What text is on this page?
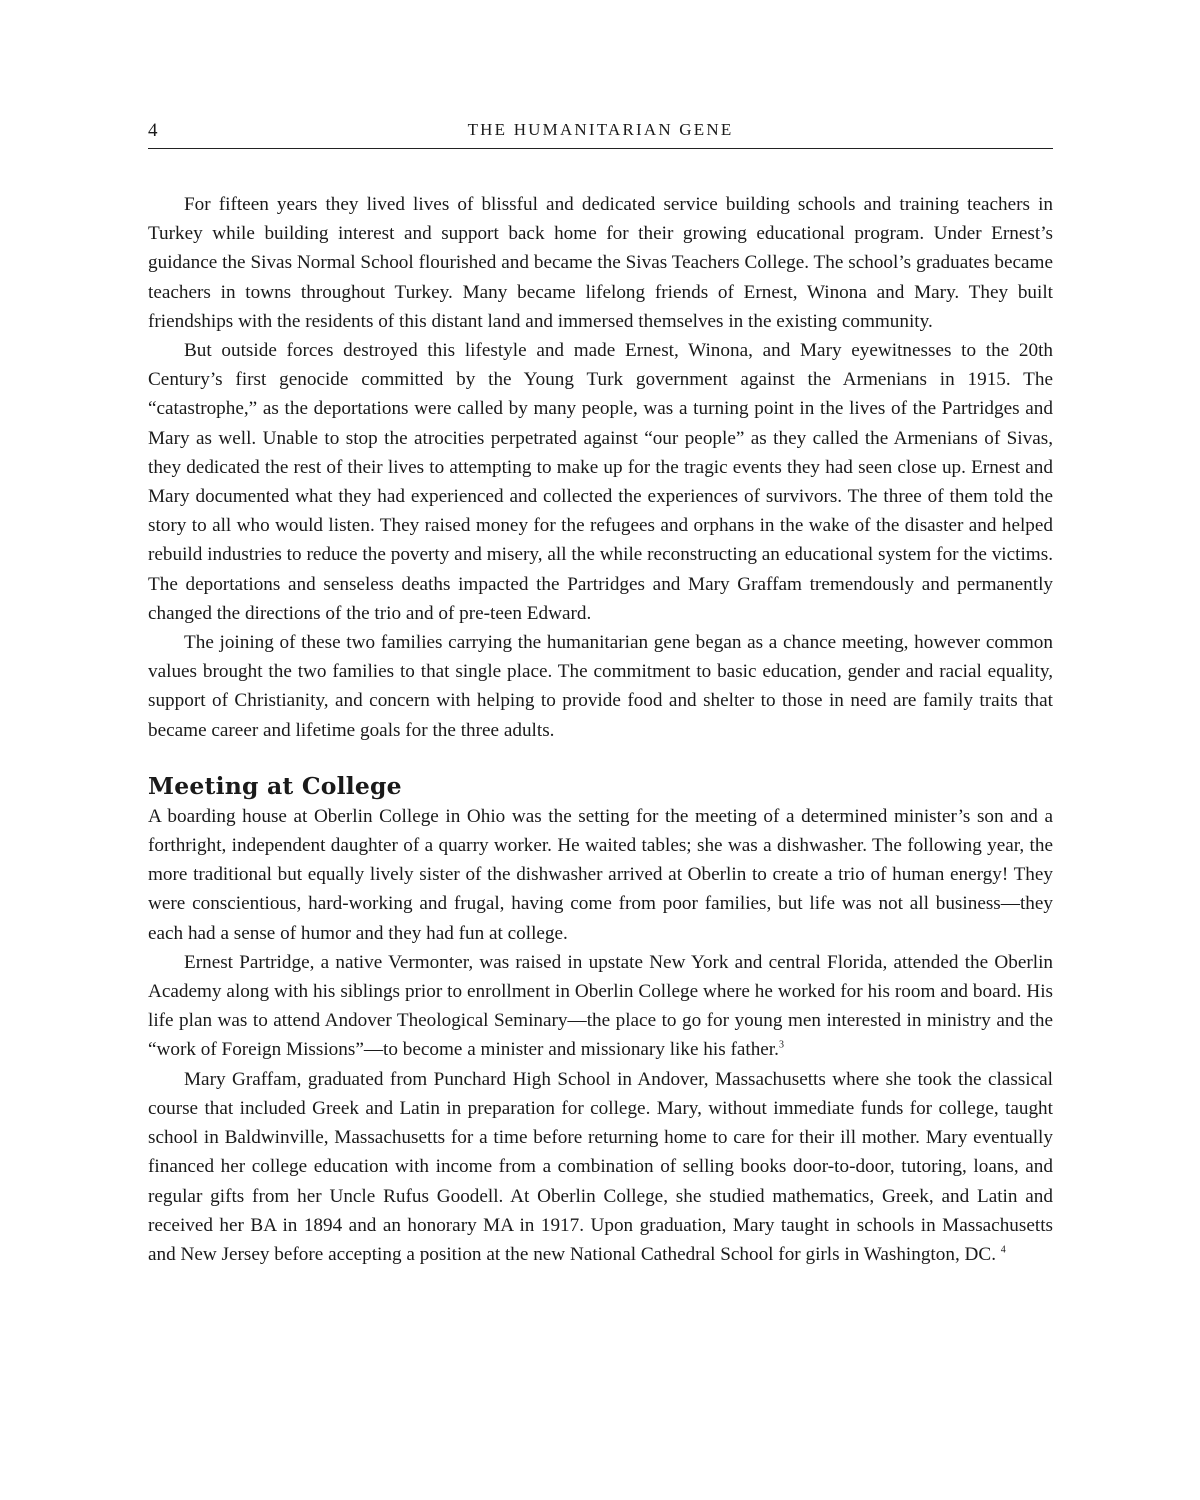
4	THE HUMANITARIAN GENE

For fifteen years they lived lives of blissful and dedicated service building schools and training teachers in Turkey while building interest and support back home for their growing educational program. Under Ernest’s guidance the Sivas Normal School flourished and became the Sivas Teachers College. The school’s graduates became teachers in towns throughout Turkey. Many became lifelong friends of Ernest, Winona and Mary. They built friendships with the residents of this distant land and immersed themselves in the existing community.

But outside forces destroyed this lifestyle and made Ernest, Winona, and Mary eyewitnesses to the 20th Century’s first genocide committed by the Young Turk government against the Armenians in 1915. The “catastrophe,” as the deportations were called by many people, was a turning point in the lives of the Partridges and Mary as well. Unable to stop the atrocities perpetrated against “our people” as they called the Armenians of Sivas, they dedicated the rest of their lives to attempting to make up for the tragic events they had seen close up. Ernest and Mary documented what they had experienced and collected the experiences of survivors. The three of them told the story to all who would listen. They raised money for the refugees and orphans in the wake of the disaster and helped rebuild industries to reduce the poverty and misery, all the while reconstructing an educational system for the victims. The deportations and senseless deaths impacted the Partridges and Mary Graffam tremendously and permanently changed the directions of the trio and of pre-teen Edward.

The joining of these two families carrying the humanitarian gene began as a chance meeting, however common values brought the two families to that single place. The commitment to basic education, gender and racial equality, support of Christianity, and concern with helping to provide food and shelter to those in need are family traits that became career and lifetime goals for the three adults.

Meeting at College

A boarding house at Oberlin College in Ohio was the setting for the meeting of a determined minister’s son and a forthright, independent daughter of a quarry worker. He waited tables; she was a dishwasher. The following year, the more traditional but equally lively sister of the dishwasher arrived at Oberlin to create a trio of human energy! They were conscientious, hard-working and frugal, having come from poor families, but life was not all business—they each had a sense of humor and they had fun at college.

Ernest Partridge, a native Vermonter, was raised in upstate New York and central Florida, attended the Oberlin Academy along with his siblings prior to enrollment in Oberlin College where he worked for his room and board. His life plan was to attend Andover Theological Seminary—the place to go for young men interested in ministry and the “work of Foreign Missions”—to become a minister and missionary like his father.$^3$

Mary Graffam, graduated from Punchard High School in Andover, Massachusetts where she took the classical course that included Greek and Latin in preparation for college. Mary, without immediate funds for college, taught school in Baldwinville, Massachusetts for a time before returning home to care for their ill mother. Mary eventually financed her college education with income from a combination of selling books door-to-door, tutoring, loans, and regular gifts from her Uncle Rufus Goodell. At Oberlin College, she studied mathematics, Greek, and Latin and received her BA in 1894 and an honorary MA in 1917. Upon graduation, Mary taught in schools in Massachusetts and New Jersey before accepting a position at the new National Cathedral School for girls in Washington, DC. $^4$
